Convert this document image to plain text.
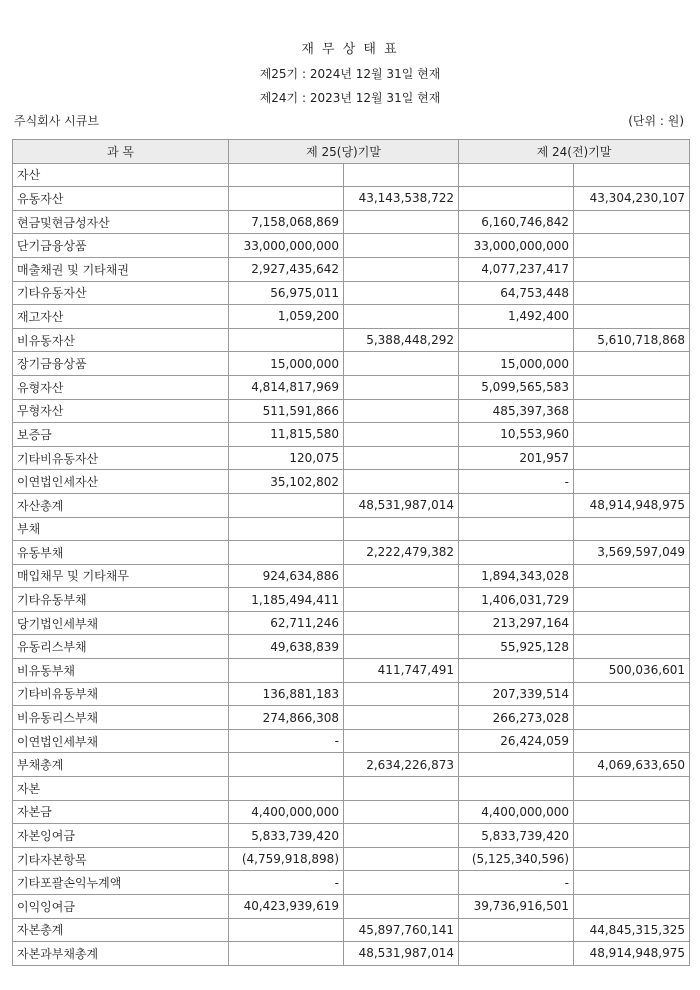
재 무 상 태 표
제25기 : 2024년 12월 31일 현재
제24기 : 2023년 12월 31일 현재
주식회사 시큐브	(단위 : 원)
과 목	제 25(당)기말		제 24(전)기말	
자산				
유동자산		43,143,538,722		43,304,230,107
현금및현금성자산	7,158,068,869		6,160,746,842	
단기금융상품	33,000,000,000		33,000,000,000	
매출채권 및 기타채권	2,927,435,642		4,077,237,417	
기타유동자산	56,975,011		64,753,448	
재고자산	1,059,200		1,492,400	
비유동자산		5,388,448,292		5,610,718,868
장기금융상품	15,000,000		15,000,000	
유형자산	4,814,817,969		5,099,565,583	
무형자산	511,591,866		485,397,368	
보증금	11,815,580		10,553,960	
기타비유동자산	120,075		201,957	
이연법인세자산	35,102,802		-	
자산총계		48,531,987,014		48,914,948,975
부채				
유동부채		2,222,479,382		3,569,597,049
매입채무 및 기타채무	924,634,886		1,894,343,028	
기타유동부채	1,185,494,411		1,406,031,729	
당기법인세부채	62,711,246		213,297,164	
유동리스부채	49,638,839		55,925,128	
비유동부채		411,747,491		500,036,601
기타비유동부채	136,881,183		207,339,514	
비유동리스부채	274,866,308		266,273,028	
이연법인세부채	-		26,424,059	
부채총계		2,634,226,873		4,069,633,650
자본				
자본금	4,400,000,000		4,400,000,000	
자본잉여금	5,833,739,420		5,833,739,420	
기타자본항목	(4,759,918,898)		(5,125,340,596)	
기타포괄손익누계액	-		-	
이익잉여금	40,423,939,619		39,736,916,501	
자본총계		45,897,760,141		44,845,315,325
자본과부채총계		48,531,987,014		48,914,948,975
